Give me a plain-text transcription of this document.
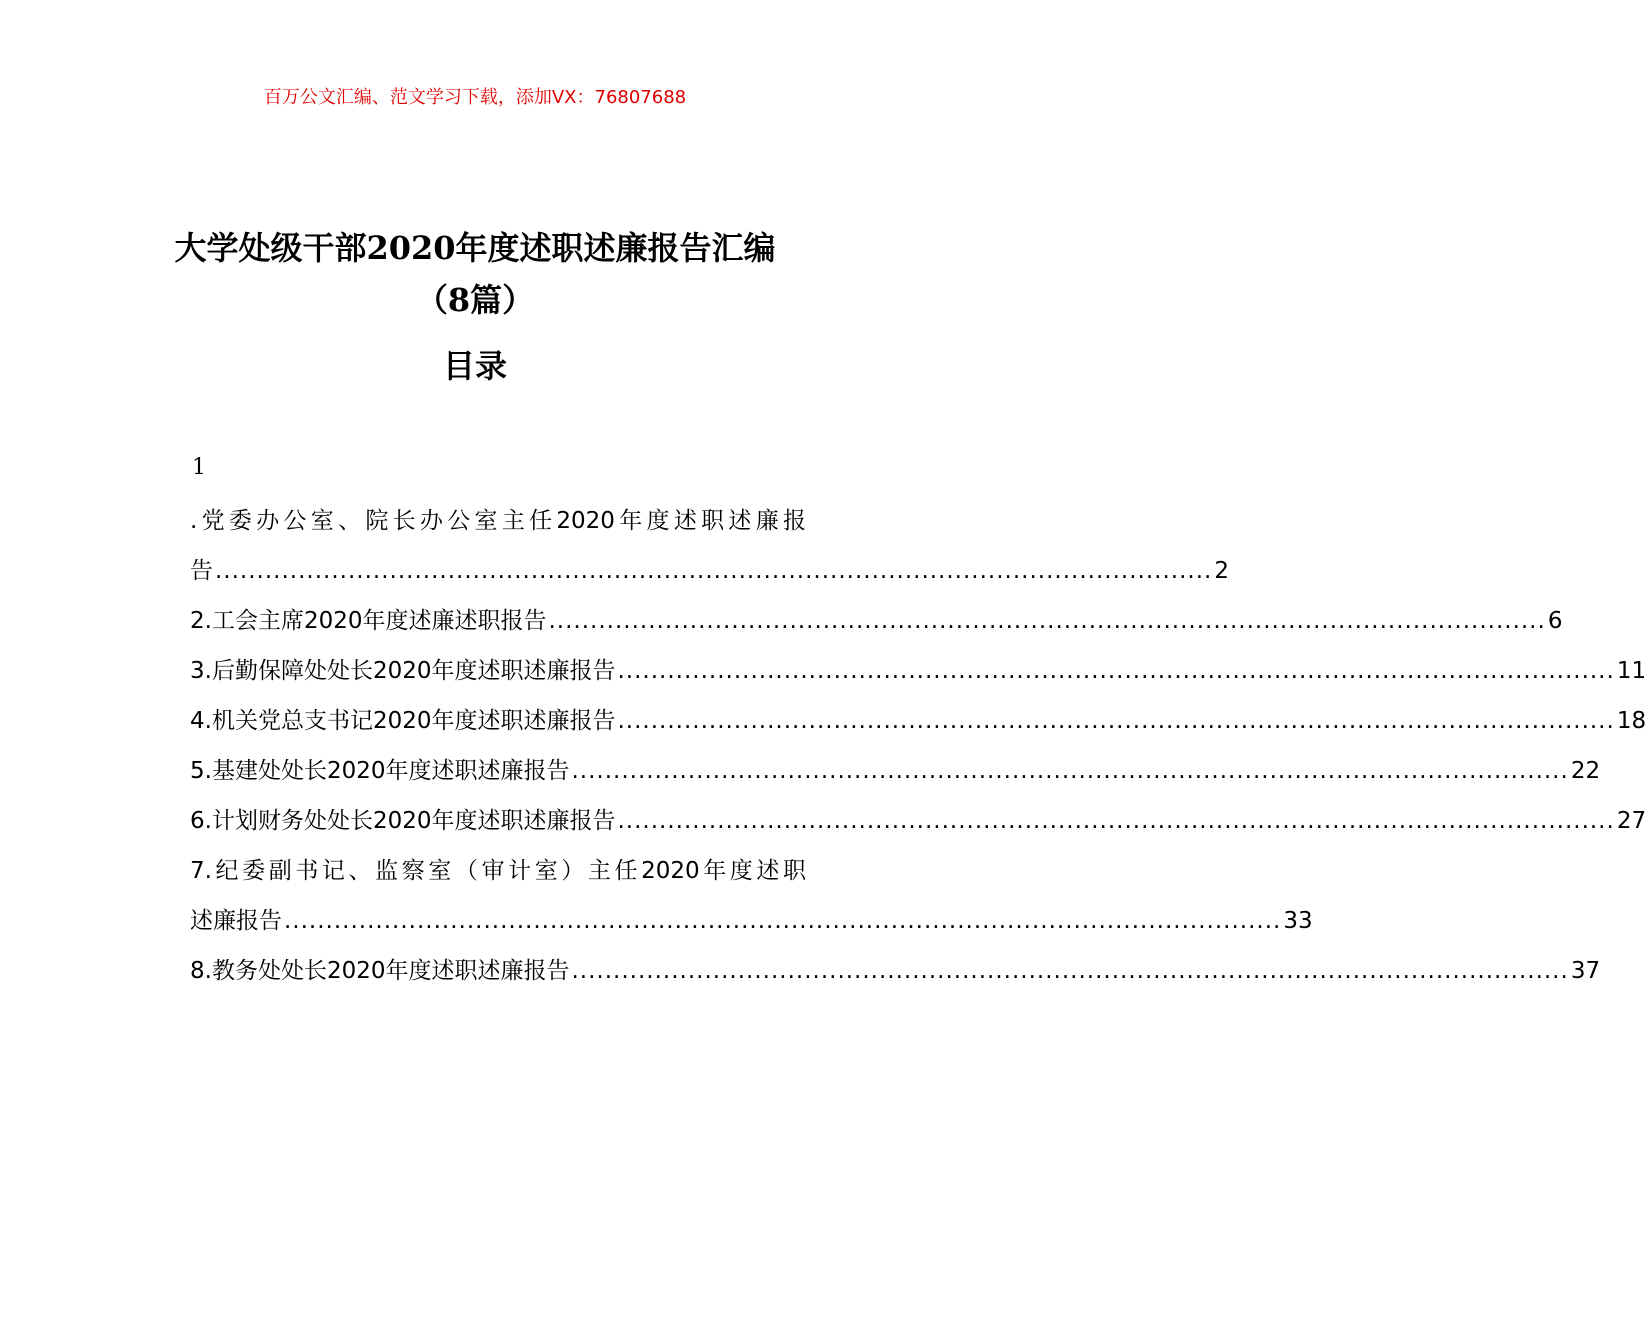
百万公文汇编、范文学习下载，添加VX：76807688
大学处级干部2020年度述职述廉报告汇编
（8篇）
目录
1
.党委办公室、院长办公室主任2020年度述职述廉报
告 ........................................................................................................................ 2
2.工会主席2020年度述廉述职报告 ........................................................................................................................ 6
3.后勤保障处处长2020年度述职述廉报告 ........................................................................................................................ 11
4.机关党总支书记2020年度述职述廉报告 ........................................................................................................................ 18
5.基建处处长2020年度述职述廉报告 ........................................................................................................................ 22
6.计划财务处处长2020年度述职述廉报告 ........................................................................................................................ 27
7.纪委副书记、监察室（审计室）主任2020年度述职
述廉报告 ........................................................................................................................ 33
8.教务处处长2020年度述职述廉报告 ........................................................................................................................ 37
